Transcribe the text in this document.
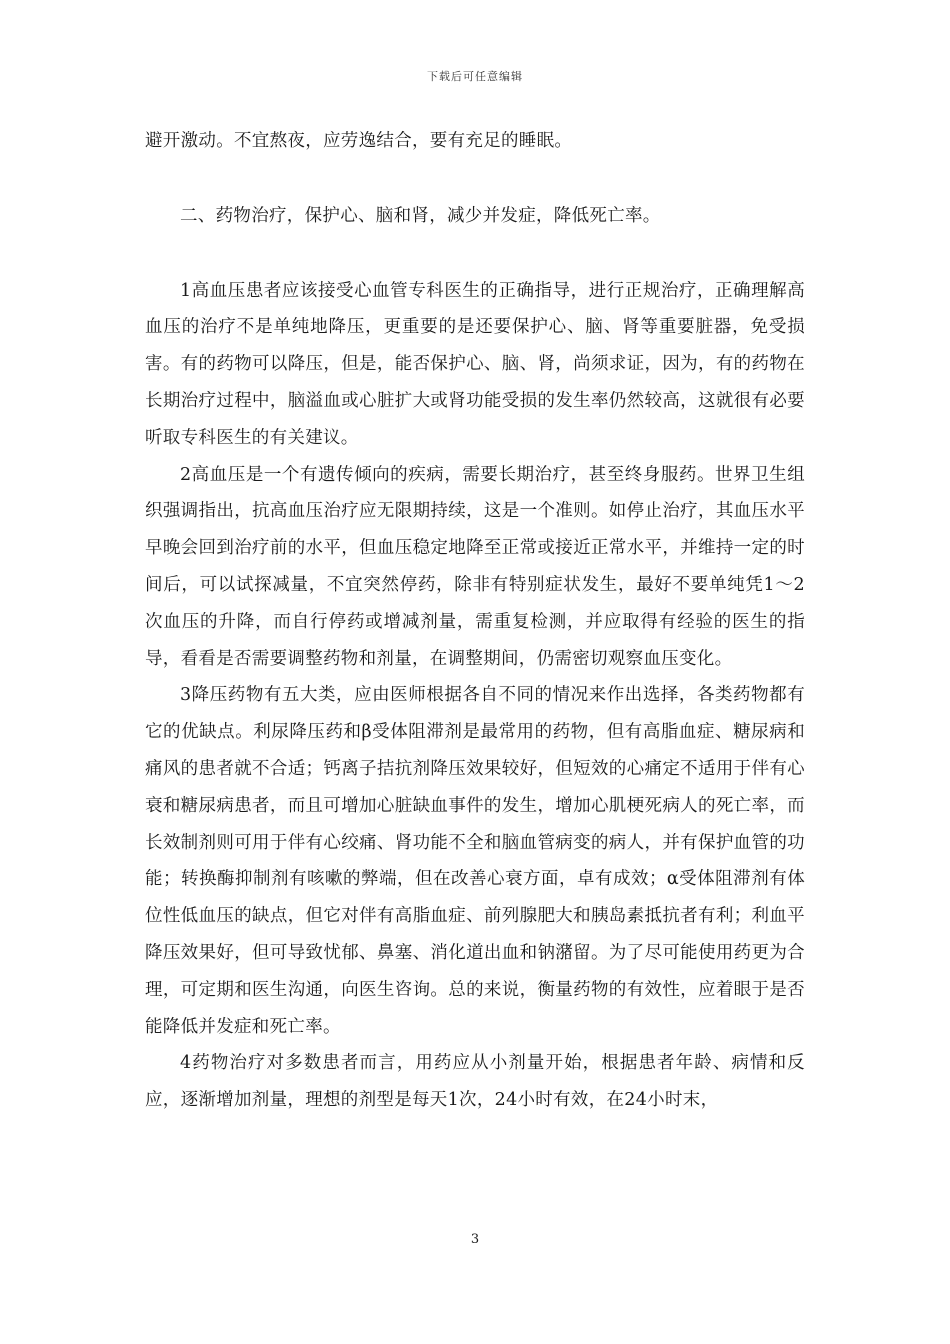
下载后可任意编辑

避开激动。不宜熬夜，应劳逸结合，要有充足的睡眠。

二、药物治疗，保护心、脑和肾，减少并发症，降低死亡率。

1高血压患者应该接受心血管专科医生的正确指导，进行正规治疗，正确理解高血压的治疗不是单纯地降压，更重要的是还要保护心、脑、肾等重要脏器，免受损害。有的药物可以降压，但是，能否保护心、脑、肾，尚须求证，因为，有的药物在长期治疗过程中，脑溢血或心脏扩大或肾功能受损的发生率仍然较高，这就很有必要听取专科医生的有关建议。

2高血压是一个有遗传倾向的疾病，需要长期治疗，甚至终身服药。世界卫生组织强调指出，抗高血压治疗应无限期持续，这是一个准则。如停止治疗，其血压水平早晚会回到治疗前的水平，但血压稳定地降至正常或接近正常水平，并维持一定的时间后，可以试探减量，不宜突然停药，除非有特别症状发生，最好不要单纯凭1～2次血压的升降，而自行停药或增减剂量，需重复检测，并应取得有经验的医生的指导，看看是否需要调整药物和剂量，在调整期间，仍需密切观察血压变化。

3降压药物有五大类，应由医师根据各自不同的情况来作出选择，各类药物都有它的优缺点。利尿降压药和β受体阻滞剂是最常用的药物，但有高脂血症、糖尿病和痛风的患者就不合适；钙离子拮抗剂降压效果较好，但短效的心痛定不适用于伴有心衰和糖尿病患者，而且可增加心脏缺血事件的发生，增加心肌梗死病人的死亡率，而长效制剂则可用于伴有心绞痛、肾功能不全和脑血管病变的病人，并有保护血管的功能；转换酶抑制剂有咳嗽的弊端，但在改善心衰方面，卓有成效；α受体阻滞剂有体位性低血压的缺点，但它对伴有高脂血症、前列腺肥大和胰岛素抵抗者有利；利血平降压效果好，但可导致忧郁、鼻塞、消化道出血和钠潴留。为了尽可能使用药更为合理，可定期和医生沟通，向医生咨询。总的来说，衡量药物的有效性，应着眼于是否能降低并发症和死亡率。

4药物治疗对多数患者而言，用药应从小剂量开始，根据患者年龄、病情和反应，逐渐增加剂量，理想的剂型是每天1次，24小时有效，在24小时末，

3
